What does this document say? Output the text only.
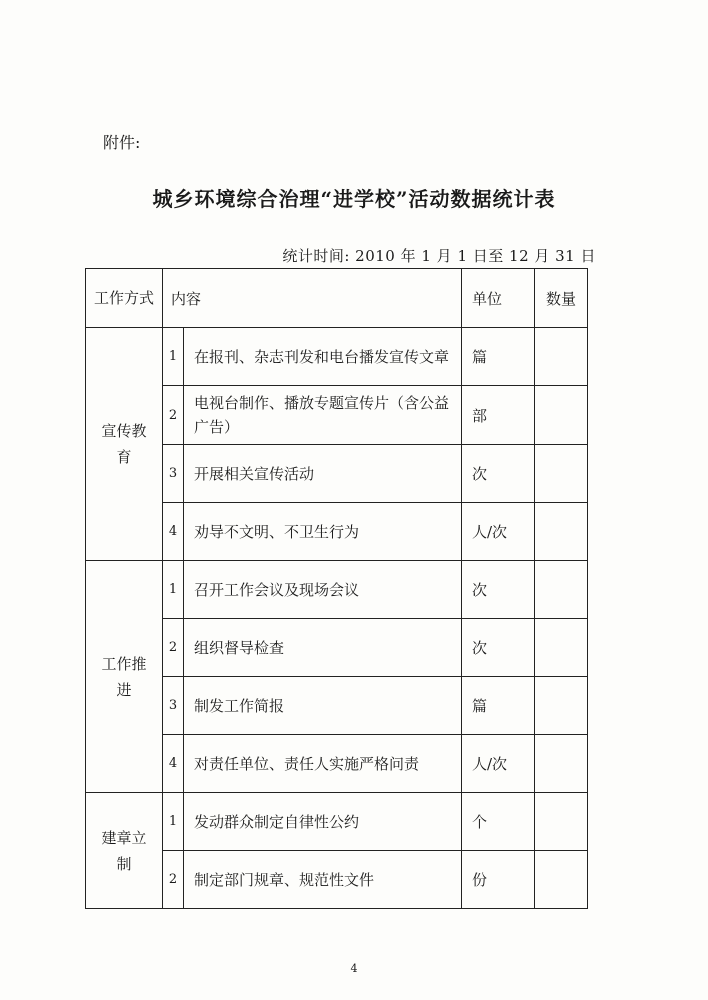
附件:
城乡环境综合治理“进学校”活动数据统计表
统计时间: 2010 年 1 月 1 日至 12 月 31 日
工作方式	内容		单位	数量
宣传教育	1	在报刊、杂志刊发和电台播发宣传文章	篇	
	2	电视台制作、播放专题宣传片（含公益广告）	部	
	3	开展相关宣传活动	次	
	4	劝导不文明、不卫生行为	人/次	
工作推进	1	召开工作会议及现场会议	次	
	2	组织督导检查	次	
	3	制发工作简报	篇	
	4	对责任单位、责任人实施严格问责	人/次	
建章立制	1	发动群众制定自律性公约	个	
	2	制定部门规章、规范性文件	份	
4
